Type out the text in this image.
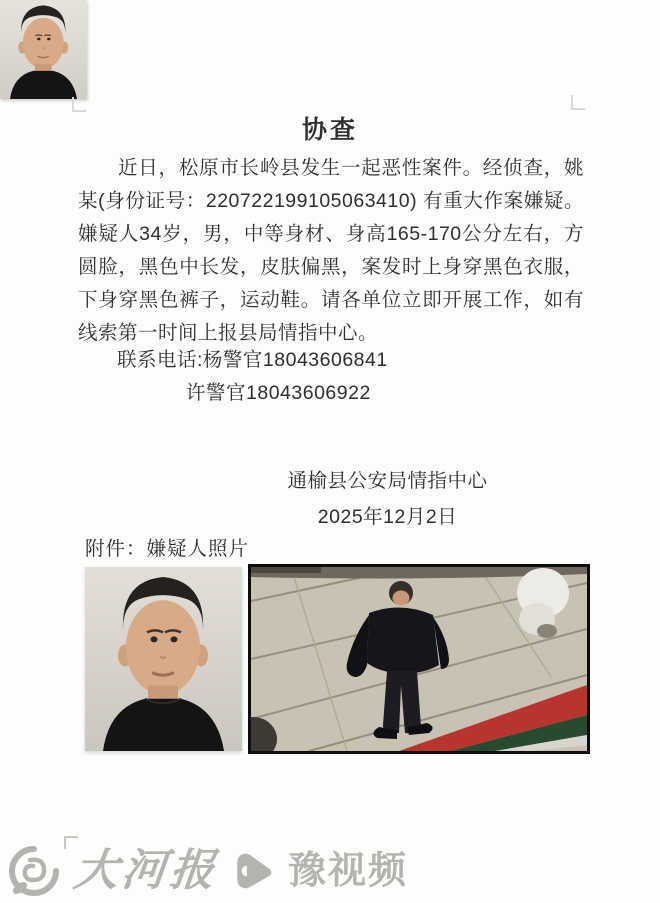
协查
近日，松原市长岭县发生一起恶性案件。经侦查，姚某(身份证号：220722199105063410) 有重大作案嫌疑。嫌疑人34岁，男，中等身材、身高165-170公分左右，方圆脸，黑色中长发，皮肤偏黑，案发时上身穿黑色衣服，下身穿黑色裤子，运动鞋。请各单位立即开展工作，如有线索第一时间上报县局情指中心。
联系电话:杨警官18043606841
许警官18043606922
通榆县公安局情指中心
2025年12月2日
附件：嫌疑人照片
大河报 豫视频
